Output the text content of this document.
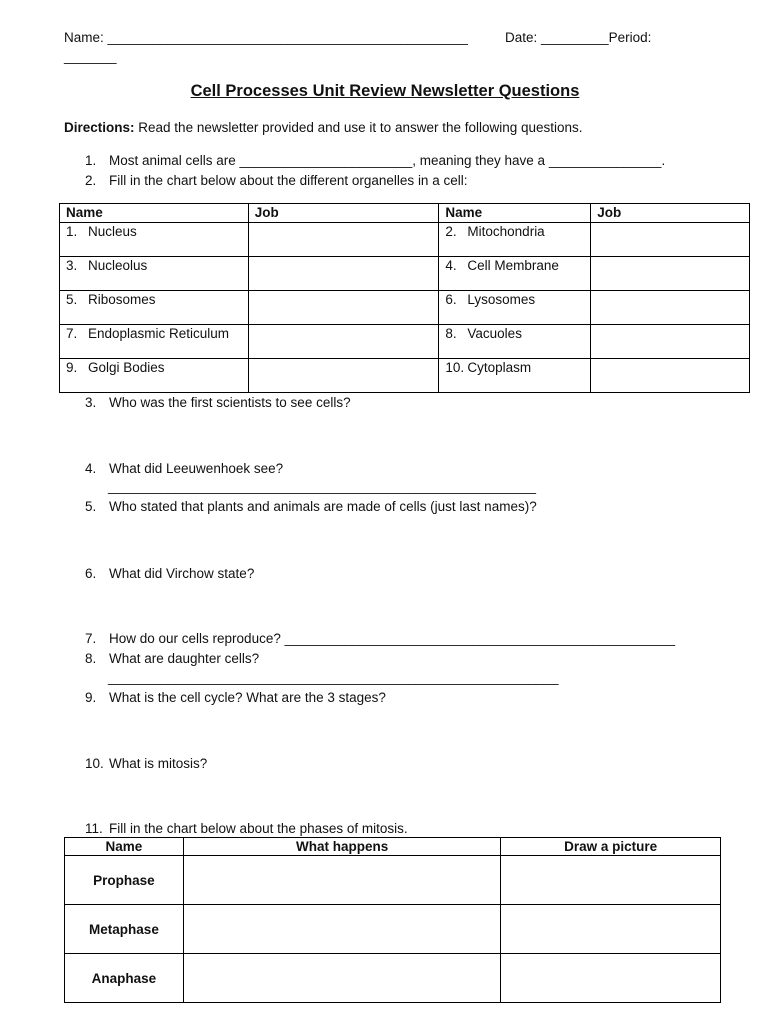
Name: ________________________________________________	Date: _________Period:
_______
Cell Processes Unit Review Newsletter Questions
Directions: Read the newsletter provided and use it to answer the following questions.
1. Most animal cells are _______________________, meaning they have a _______________.
2. Fill in the chart below about the different organelles in a cell:
Name	Job	Name	Job
1. Nucleus		2. Mitochondria	
3. Nucleolus		4. Cell Membrane	
5. Ribosomes		6. Lysosomes	
7. Endoplasmic Reticulum		8. Vacuoles	
9. Golgi Bodies		10. Cytoplasm	
3. Who was the first scientists to see cells?
4. What did Leeuwenhoek see?
_________________________________________________________
5. Who stated that plants and animals are made of cells (just last names)?
6. What did Virchow state?
7. How do our cells reproduce? ____________________________________________________
8. What are daughter cells?
____________________________________________________________
9. What is the cell cycle? What are the 3 stages?
10. What is mitosis?
11. Fill in the chart below about the phases of mitosis.
Name	What happens	Draw a picture
Prophase		
Metaphase		
Anaphase		
